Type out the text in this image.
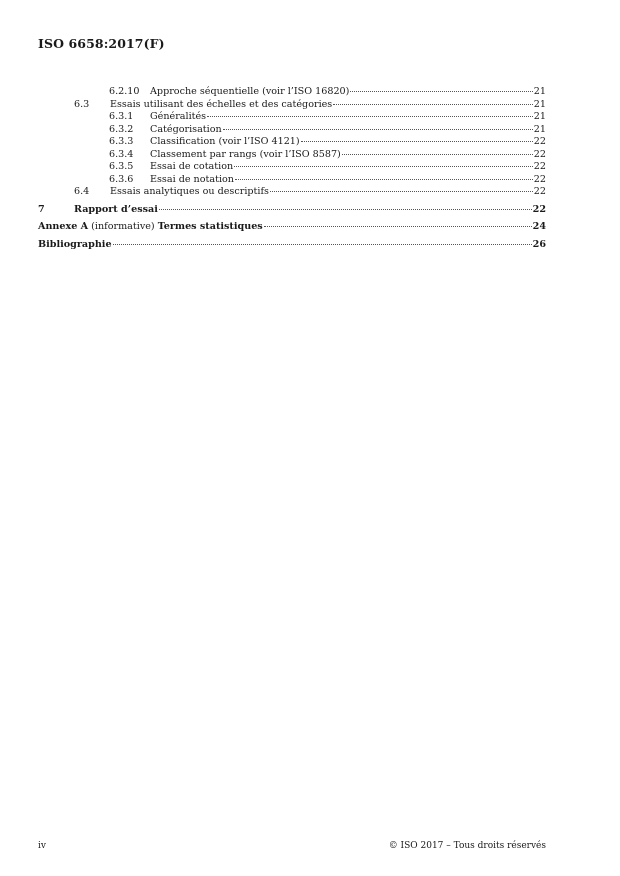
ISO 6658:2017(F)
6.2.10	Approche séquentielle (voir l’ISO 16820)	21
6.3	Essais utilisant des échelles et des catégories	21
6.3.1	Généralités	21
6.3.2	Catégorisation	21
6.3.3	Classification (voir l’ISO 4121)	22
6.3.4	Classement par rangs (voir l’ISO 8587)	22
6.3.5	Essai de cotation	22
6.3.6	Essai de notation	22
6.4	Essais analytiques ou descriptifs	22
7	Rapport d’essai	22
Annexe A (informative) Termes statistiques	24
Bibliographie	26
iv	© ISO 2017 – Tous droits réservés
